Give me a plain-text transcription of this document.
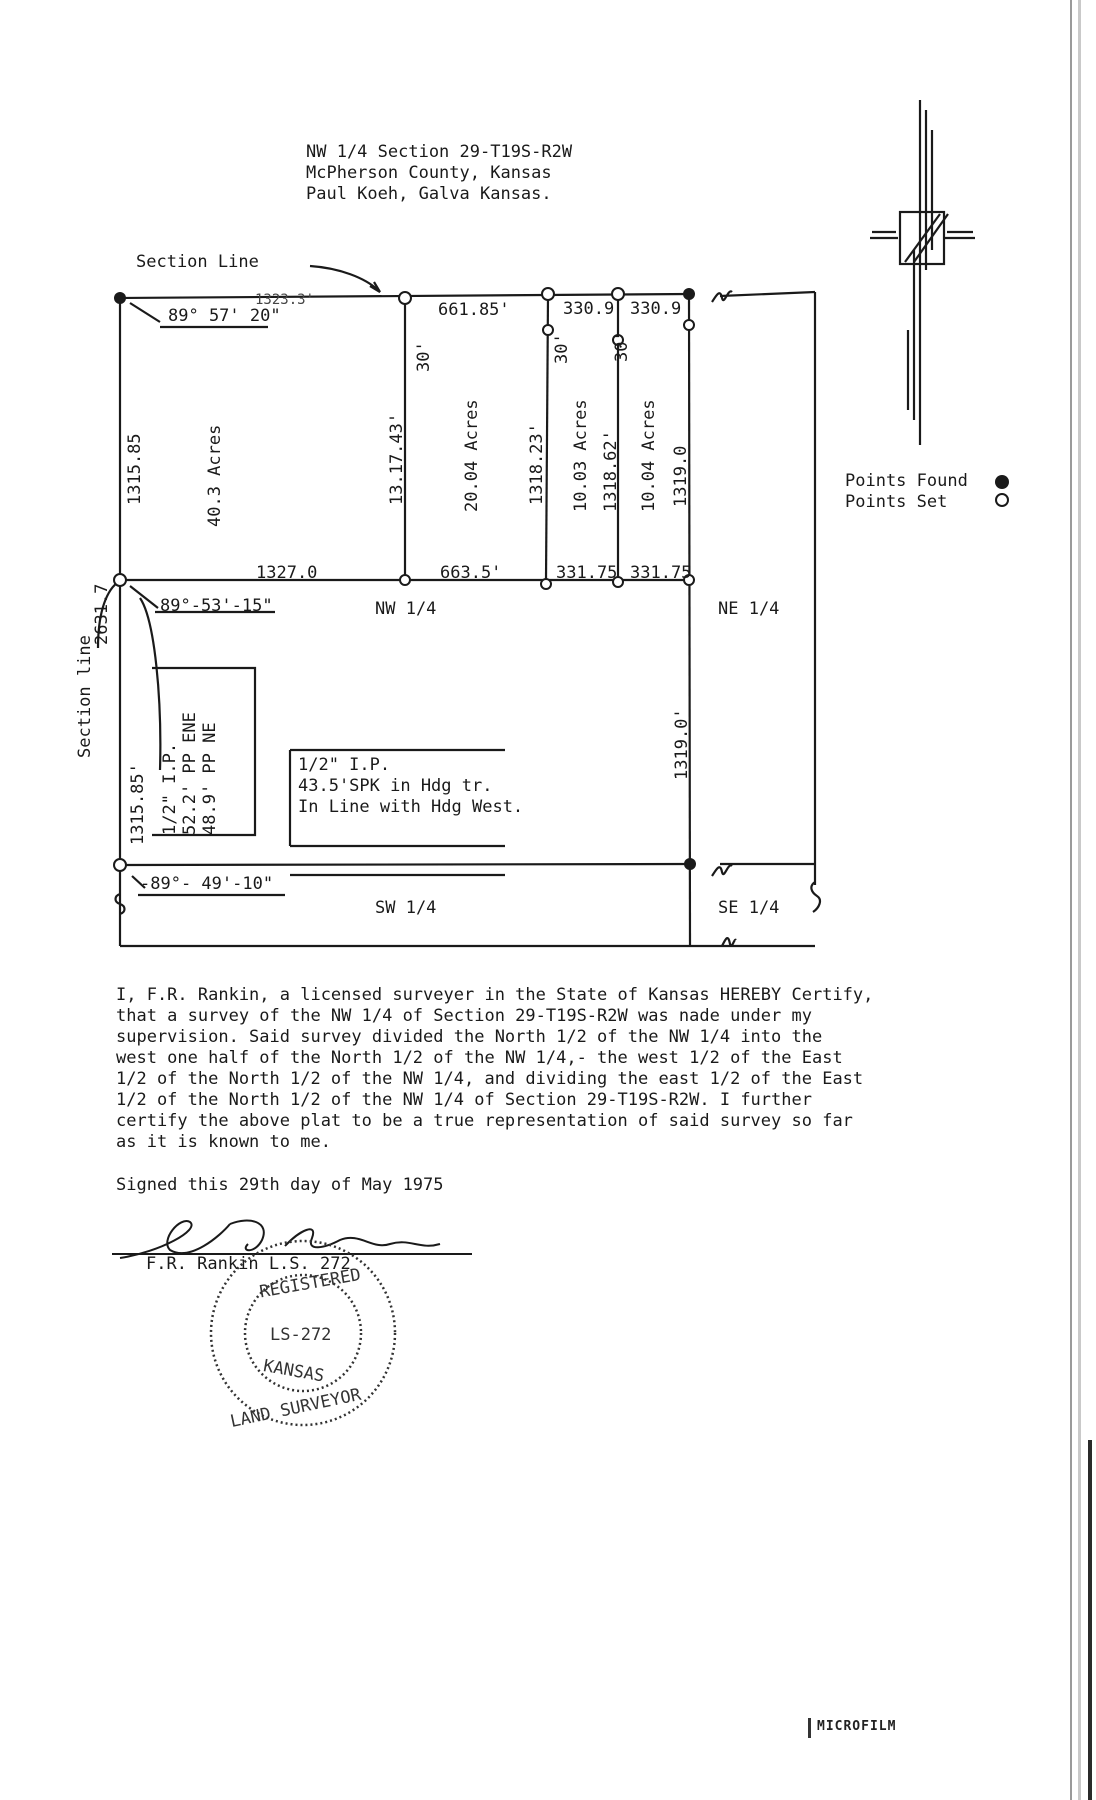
NW 1/4 Section 29-T19S-R2W
McPherson County, Kansas
Paul Koeh, Galva Kansas.
Section Line
89° 57' 20"
1323.3'	661.85'	330.9 330.9
30'	30' 30'
1315.85	40.3 Acres	13.17.43'	20.04 Acres	1318.23' 10.03 Acres 1318.62' 10.04 Acres 1319.0	Points Found
Points Set
1327.0	663.5'	331.75 331.75
2631.7
Section line
89°-53'-15"	NW 1/4	NE 1/4
1315.85' 1/2" I.P. 52.2' PP ENE 48.9' PP NE	1319.0'
1/2" I.P.
43.5'SPK in Hdg tr.
In Line with Hdg West.
-89°- 49'-10"
SW 1/4	SE 1/4
I, F.R. Rankin, a licensed surveyer in the State of Kansas HEREBY Certify,
that a survey of the NW 1/4 of Section 29-T19S-R2W was nade under my
supervision. Said survey divided the North 1/2 of the NW 1/4 into the
west one half of the North 1/2 of the NW 1/4,- the west 1/2 of the East
1/2 of the North 1/2 of the NW 1/4, and dividing the east 1/2 of the East
1/2 of the North 1/2 of the NW 1/4 of Section 29-T19S-R2W. I further
certify the above plat to be a true representation of said survey so far
as it is known to me.
Signed this 29th day of May 1975
F.R. Rankin L.S. 272
REGISTERED
LS-272
KANSAS
LAND SURVEYOR
MICROFILM
